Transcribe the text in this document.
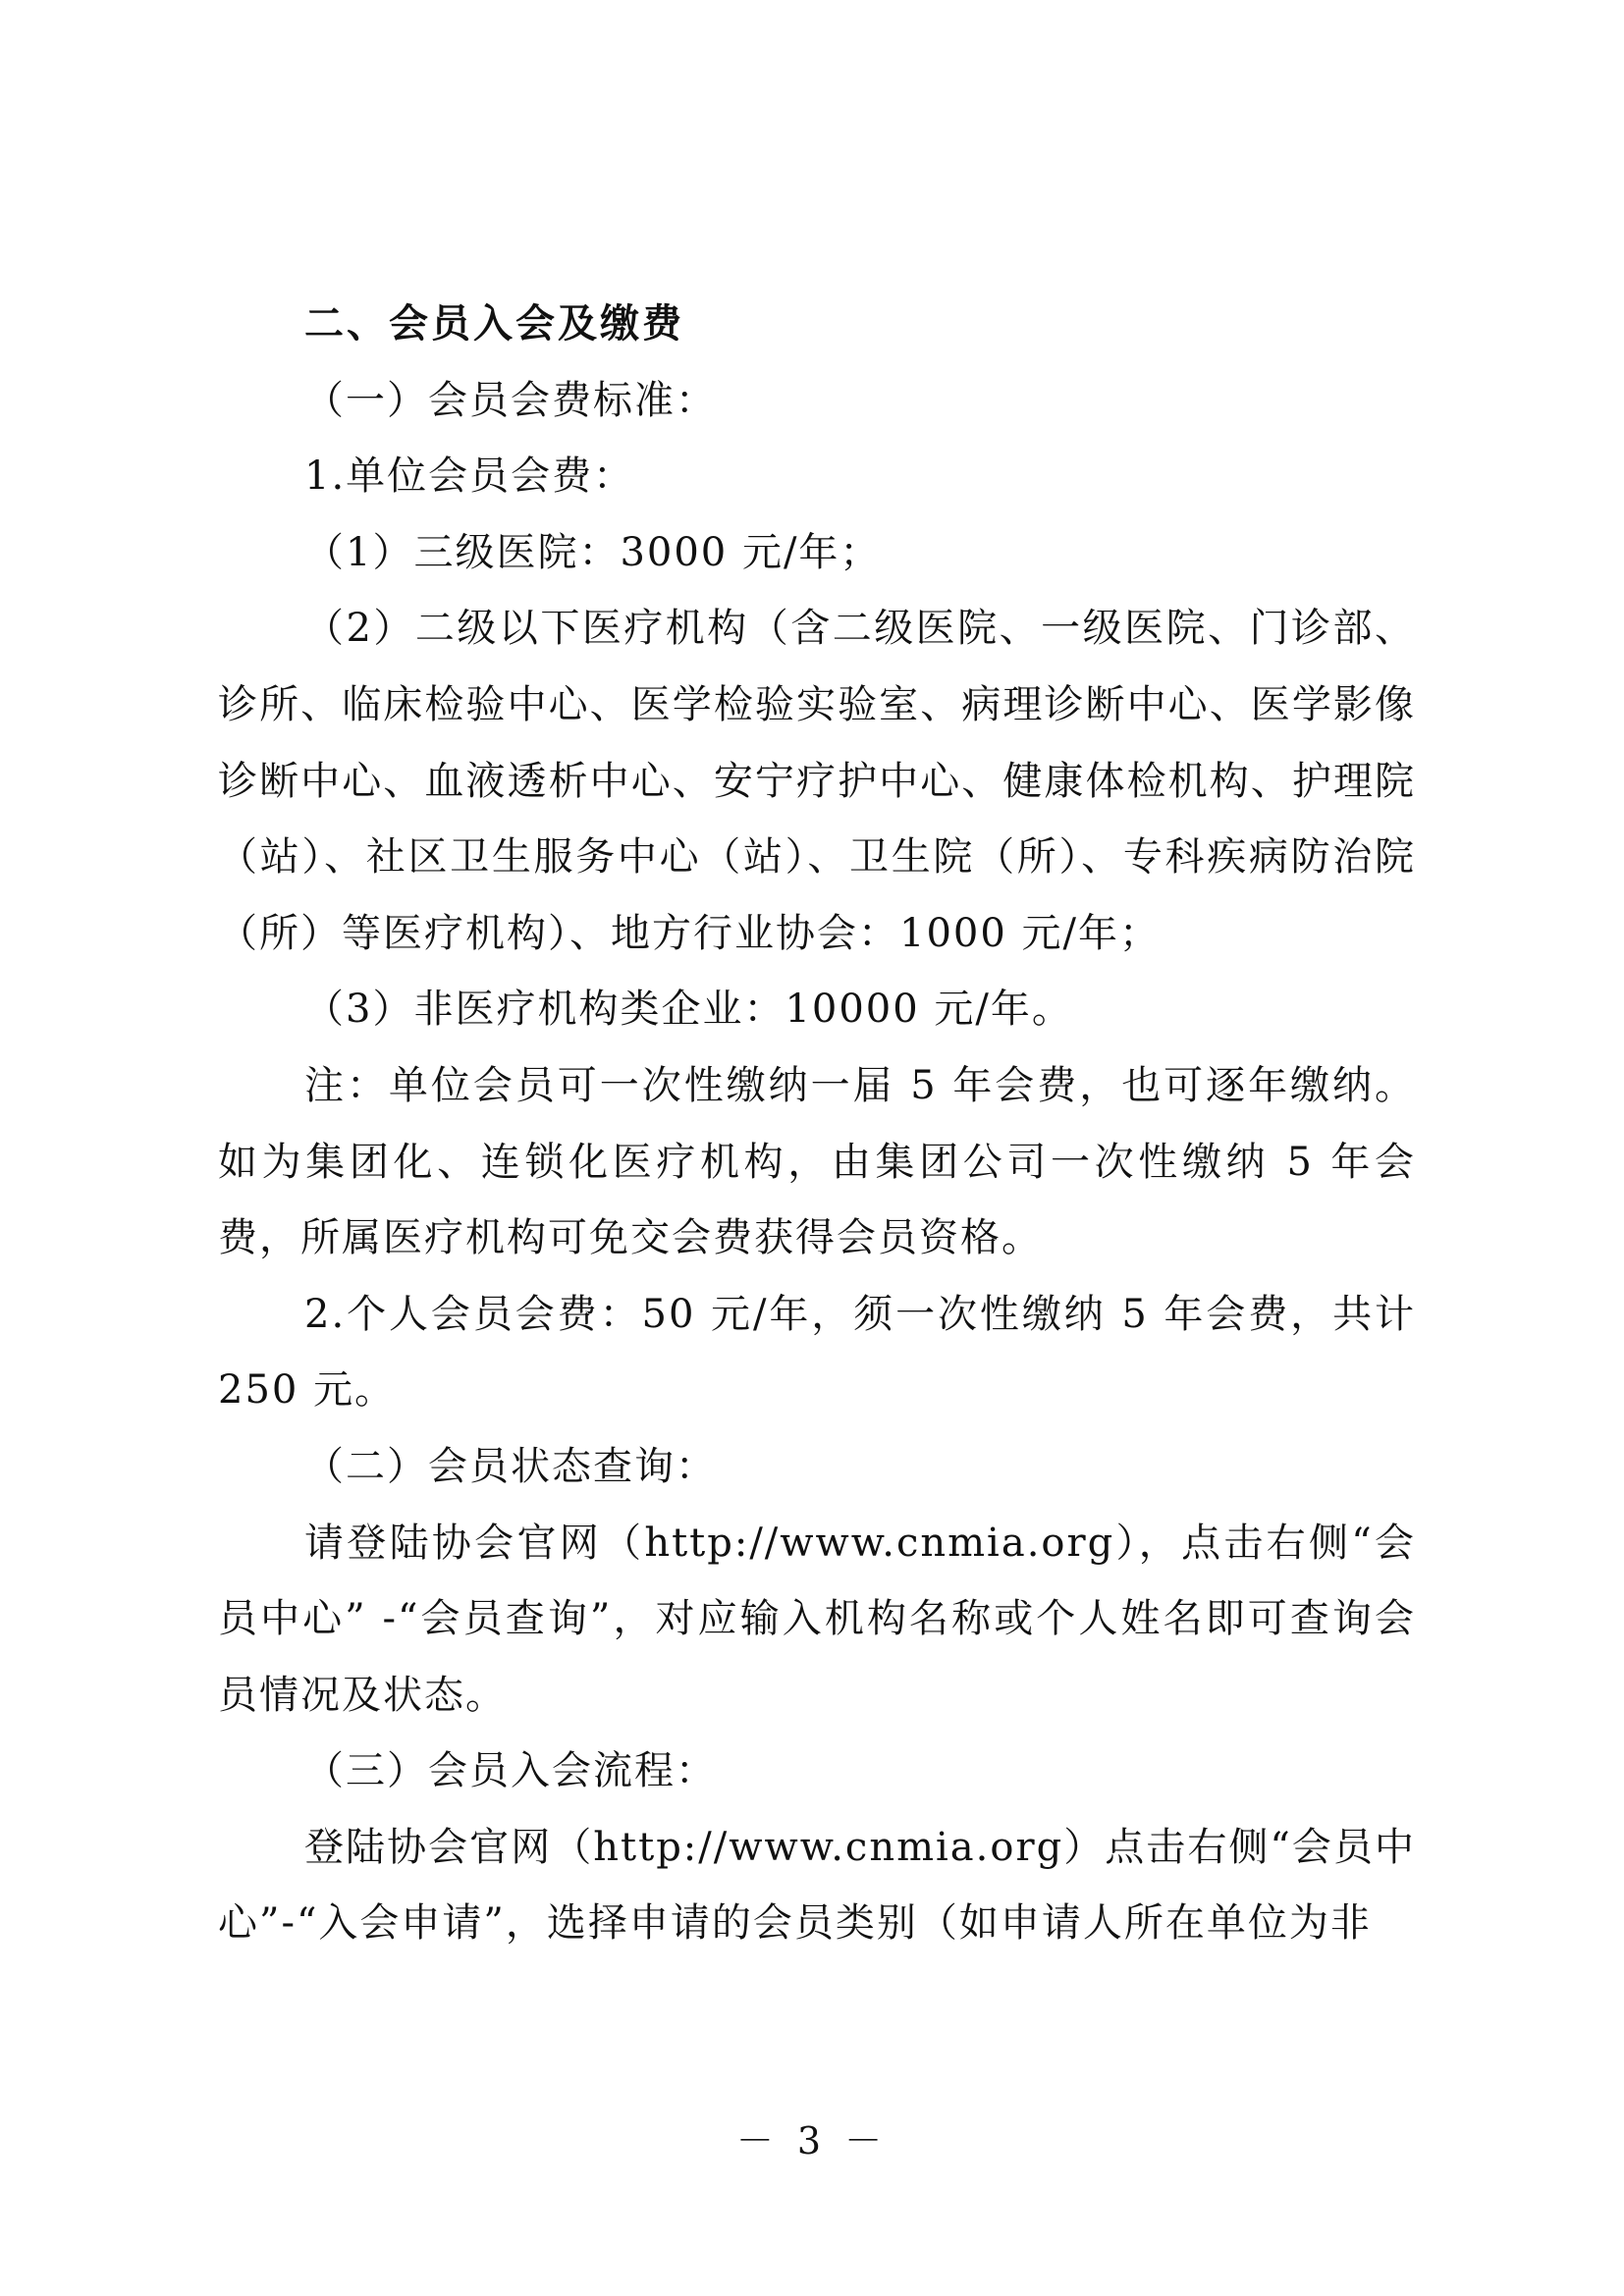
二、会员入会及缴费

（一）会员会费标准：

1.单位会员会费：

（1）三级医院：3000 元/年；

（2）二级以下医疗机构（含二级医院、一级医院、门诊部、诊所、临床检验中心、医学检验实验室、病理诊断中心、医学影像诊断中心、血液透析中心、安宁疗护中心、健康体检机构、护理院（站）、社区卫生服务中心（站）、卫生院（所）、专科疾病防治院（所）等医疗机构）、地方行业协会：1000 元/年；

（3）非医疗机构类企业：10000 元/年。

注：单位会员可一次性缴纳一届 5 年会费，也可逐年缴纳。如为集团化、连锁化医疗机构，由集团公司一次性缴纳 5 年会费，所属医疗机构可免交会费获得会员资格。

2.个人会员会费：50 元/年，须一次性缴纳 5 年会费，共计 250 元。

（二）会员状态查询：

请登陆协会官网（http://www.cnmia.org），点击右侧“会员中心” -“会员查询”，对应输入机构名称或个人姓名即可查询会员情况及状态。

（三）会员入会流程：

登陆协会官网（http://www.cnmia.org）点击右侧“会员中心”-“入会申请”，选择申请的会员类别（如申请人所在单位为非

－ 3 －
